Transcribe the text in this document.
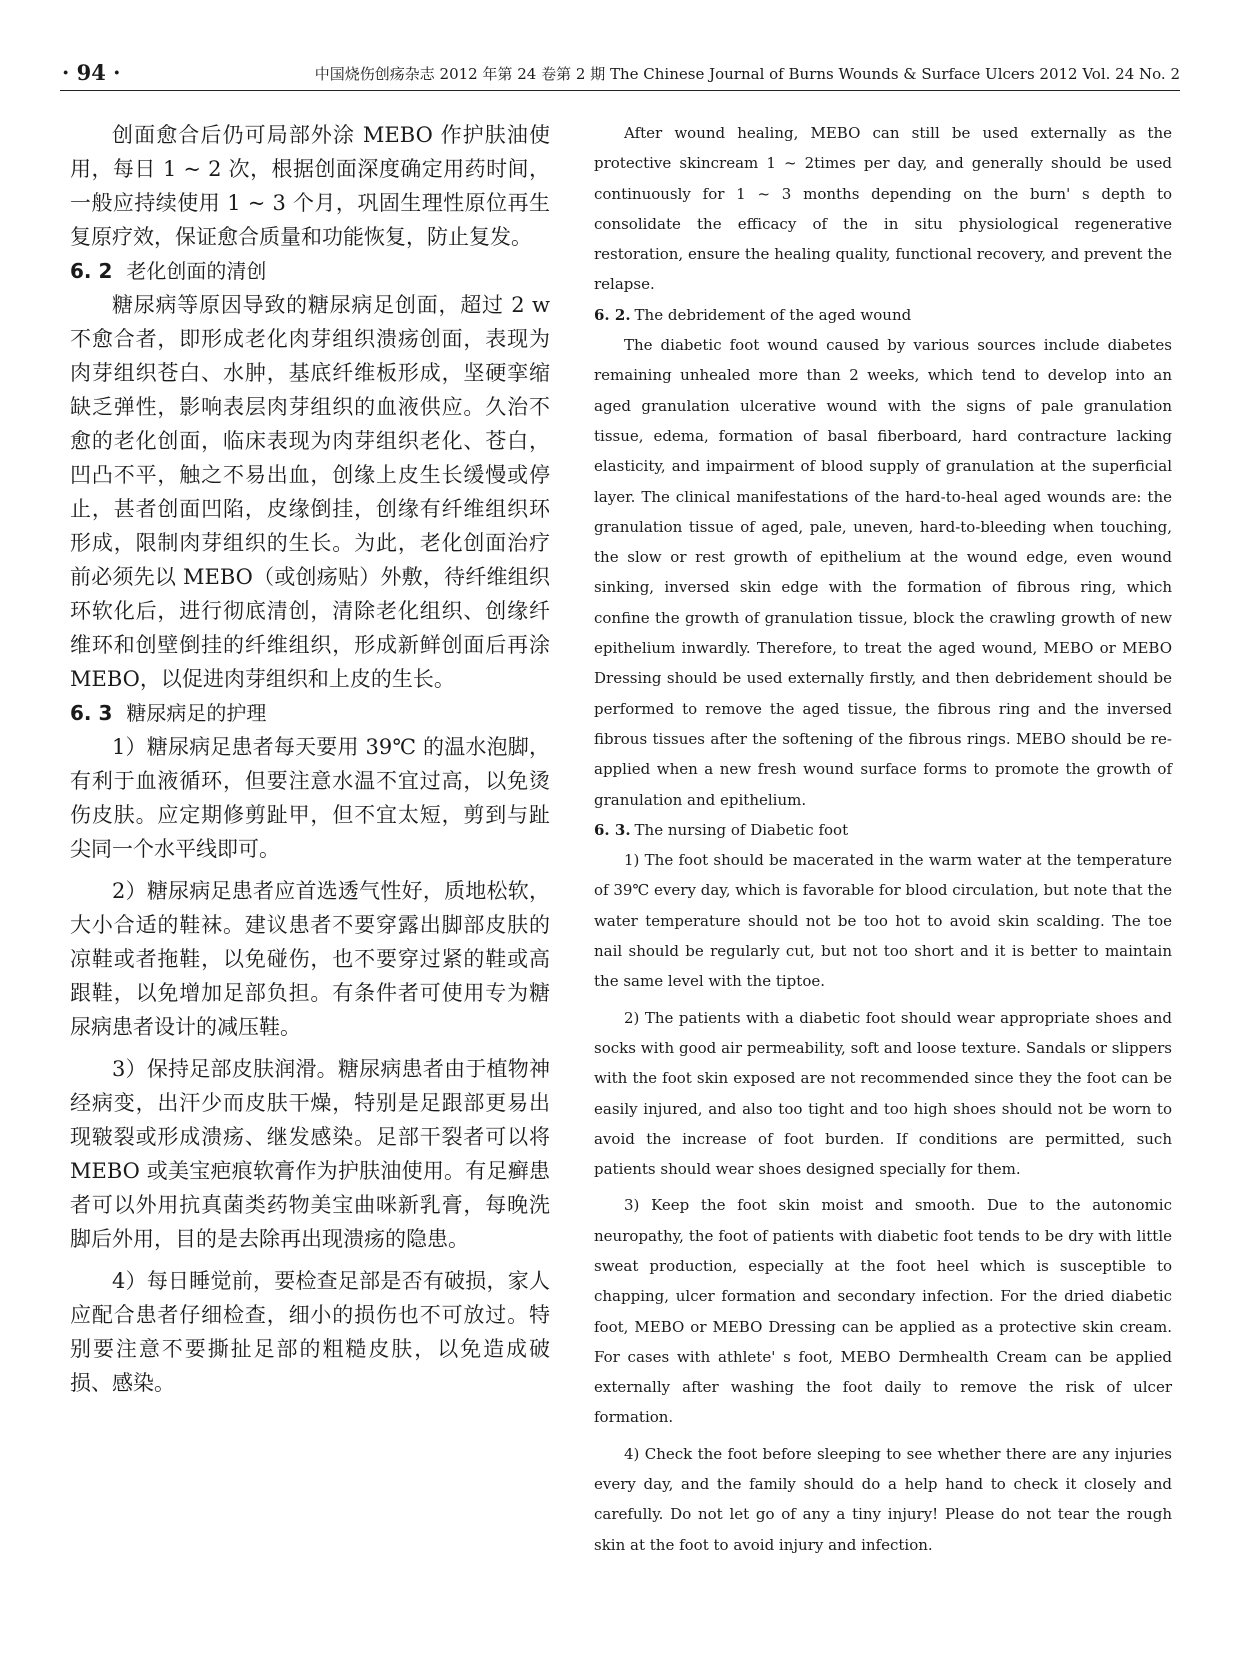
· 94 ·	中国烧伤创疡杂志 2012 年第 24 卷第 2 期 The Chinese Journal of Burns Wounds & Surface Ulcers 2012 Vol. 24 No. 2

创面愈合后仍可局部外涂 MEBO 作护肤油使用，每日 1 ~ 2 次，根据创面深度确定用药时间，一般应持续使用 1 ~ 3 个月，巩固生理性原位再生复原疗效，保证愈合质量和功能恢复，防止复发。

6. 2 老化创面的清创

糖尿病等原因导致的糖尿病足创面，超过 2 w 不愈合者，即形成老化肉芽组织溃疡创面，表现为肉芽组织苍白、水肿，基底纤维板形成，坚硬挛缩缺乏弹性，影响表层肉芽组织的血液供应。久治不愈的老化创面，临床表现为肉芽组织老化、苍白，凹凸不平，触之不易出血，创缘上皮生长缓慢或停止，甚者创面凹陷，皮缘倒挂，创缘有纤维组织环形成，限制肉芽组织的生长。为此，老化创面治疗前必须先以 MEBO（或创疡贴）外敷，待纤维组织环软化后，进行彻底清创，清除老化组织、创缘纤维环和创壁倒挂的纤维组织，形成新鲜创面后再涂 MEBO，以促进肉芽组织和上皮的生长。

6. 3 糖尿病足的护理

1）糖尿病足患者每天要用 39℃ 的温水泡脚，有利于血液循环，但要注意水温不宜过高，以免烫伤皮肤。应定期修剪趾甲，但不宜太短，剪到与趾尖同一个水平线即可。

2）糖尿病足患者应首选透气性好，质地松软，大小合适的鞋袜。建议患者不要穿露出脚部皮肤的凉鞋或者拖鞋，以免碰伤，也不要穿过紧的鞋或高跟鞋，以免增加足部负担。有条件者可使用专为糖尿病患者设计的减压鞋。

3）保持足部皮肤润滑。糖尿病患者由于植物神经病变，出汗少而皮肤干燥，特别是足跟部更易出现皲裂或形成溃疡、继发感染。足部干裂者可以将 MEBO 或美宝疤痕软膏作为护肤油使用。有足癣患者可以外用抗真菌类药物美宝曲咪新乳膏，每晚洗脚后外用，目的是去除再出现溃疡的隐患。

4）每日睡觉前，要检查足部是否有破损，家人应配合患者仔细检查，细小的损伤也不可放过。特别要注意不要撕扯足部的粗糙皮肤，以免造成破损、感染。

After wound healing, MEBO can still be used externally as the protective skincream 1 ~ 2times per day, and generally should be used continuously for 1 ~ 3 months depending on the burn' s depth to consolidate the efficacy of the in situ physiological regenerative restoration, ensure the healing quality, functional recovery, and prevent the relapse.

6. 2. The debridement of the aged wound

The diabetic foot wound caused by various sources include diabetes remaining unhealed more than 2 weeks, which tend to develop into an aged granulation ulcerative wound with the signs of pale granulation tissue, edema, formation of basal fiberboard, hard contracture lacking elasticity, and impairment of blood supply of granulation at the superficial layer. The clinical manifestations of the hard-to-heal aged wounds are: the granulation tissue of aged, pale, uneven, hard-to-bleeding when touching, the slow or rest growth of epithelium at the wound edge, even wound sinking, inversed skin edge with the formation of fibrous ring, which confine the growth of granulation tissue, block the crawling growth of new epithelium inwardly. Therefore, to treat the aged wound, MEBO or MEBO Dressing should be used externally firstly, and then debridement should be performed to remove the aged tissue, the fibrous ring and the inversed fibrous tissues after the softening of the fibrous rings. MEBO should be re-applied when a new fresh wound surface forms to promote the growth of granulation and epithelium.

6. 3. The nursing of Diabetic foot

1) The foot should be macerated in the warm water at the temperature of 39℃ every day, which is favorable for blood circulation, but note that the water temperature should not be too hot to avoid skin scalding. The toe nail should be regularly cut, but not too short and it is better to maintain the same level with the tiptoe.

2) The patients with a diabetic foot should wear appropriate shoes and socks with good air permeability, soft and loose texture. Sandals or slippers with the foot skin exposed are not recommended since they the foot can be easily injured, and also too tight and too high shoes should not be worn to avoid the increase of foot burden. If conditions are permitted, such patients should wear shoes designed specially for them.

3) Keep the foot skin moist and smooth. Due to the autonomic neuropathy, the foot of patients with diabetic foot tends to be dry with little sweat production, especially at the foot heel which is susceptible to chapping, ulcer formation and secondary infection. For the dried diabetic foot, MEBO or MEBO Dressing can be applied as a protective skin cream. For cases with athlete' s foot, MEBO Dermhealth Cream can be applied externally after washing the foot daily to remove the risk of ulcer formation.

4) Check the foot before sleeping to see whether there are any injuries every day, and the family should do a help hand to check it closely and carefully. Do not let go of any a tiny injury! Please do not tear the rough skin at the foot to avoid injury and infection.
